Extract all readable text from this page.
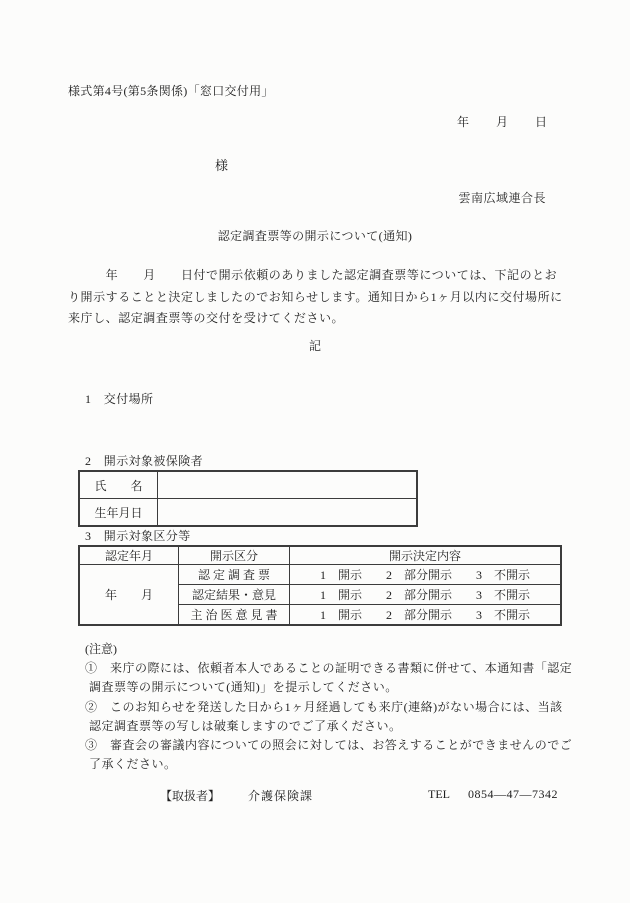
様式第4号(第5条関係)「窓口交付用」
年　　月　　日
様
雲南広域連合長
認定調査票等の開示について(通知)
　　　年　　月　　日付で開示依頼のありました認定調査票等については、下記のとお
り開示することと決定しましたのでお知らせします。通知日から1ヶ月以内に交付場所に
来庁し、認定調査票等の交付を受けてください。
記
1　交付場所
2　開示対象被保険者
氏　　名	
生年月日	
3　開示対象区分等
認定年月	開示区分	開示決定内容
年　　月	認 定 調 査 票	1　開示　　2　部分開示　　3　不開示
	認定結果・意見	1　開示　　2　部分開示　　3　不開示
	主 治 医 意 見 書	1　開示　　2　部分開示　　3　不開示
(注意)
①　来庁の際には、依頼者本人であることの証明できる書類に併せて、本通知書「認定
調査票等の開示について(通知)」を提示してください。
②　このお知らせを発送した日から1ヶ月経過しても来庁(連絡)がない場合には、当該
認定調査票等の写しは破棄しますのでご了承ください。
③　審査会の審議内容についての照会に対しては、お答えすることができませんのでご
了承ください。
【取扱者】 介護保険課	TEL 0854—47—7342
